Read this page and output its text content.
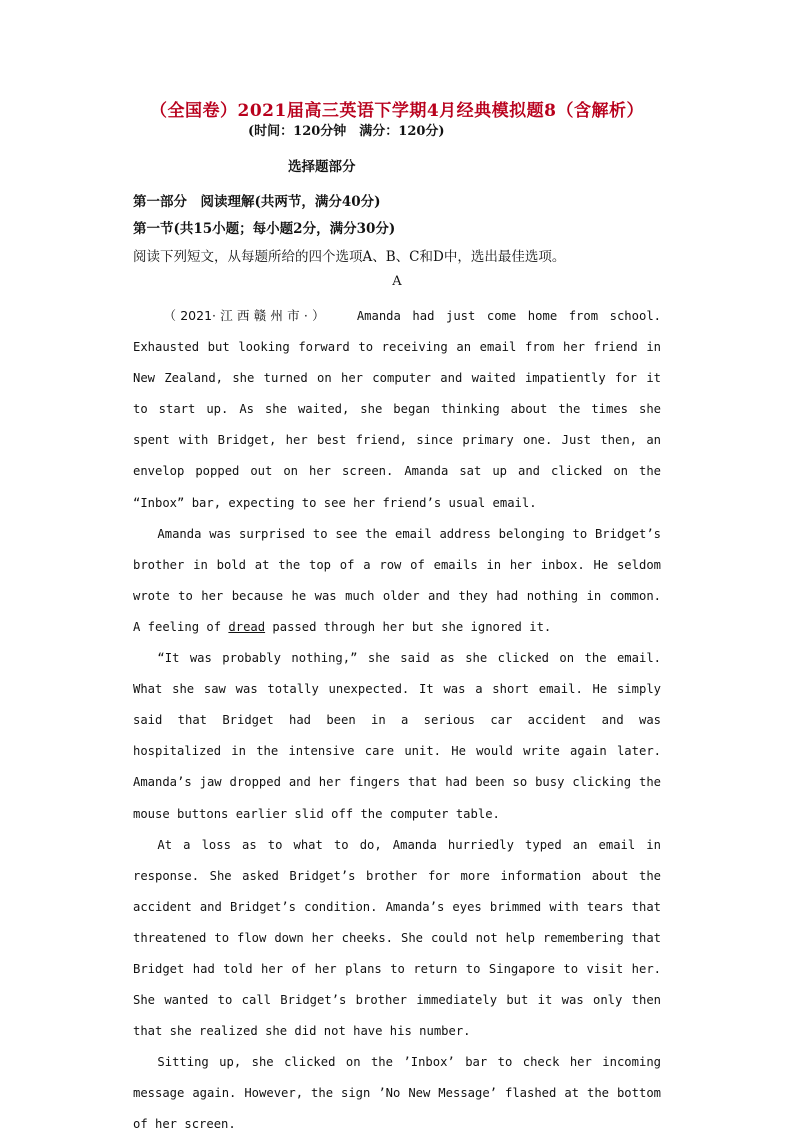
（全国卷）2021届高三英语下学期4月经典模拟题8（含解析）
(时间：120分钟　满分：120分)
选择题部分
第一部分　阅读理解(共两节，满分40分)
第一节(共15小题；每小题2分，满分30分)
阅读下列短文，从每题所给的四个选项A、B、C和D中，选出最佳选项。
A

（2021·江西赣州市·） Amanda had just come home from school. Exhausted but looking forward to receiving an email from her friend in New Zealand, she turned on her computer and waited impatiently for it to start up. As she waited, she began thinking about the times she spent with Bridget, her best friend, since primary one. Just then, an envelop popped out on her screen. Amanda sat up and clicked on the “Inbox” bar, expecting to see her friend’s usual email.

Amanda was surprised to see the email address belonging to Bridget’s brother in bold at the top of a row of emails in her inbox. He seldom wrote to her because he was much older and they had nothing in common. A feeling of dread passed through her but she ignored it.

“It was probably nothing,” she said as she clicked on the email. What she saw was totally unexpected. It was a short email. He simply said that Bridget had been in a serious car accident and was hospitalized in the intensive care unit. He would write again later. Amanda’s jaw dropped and her fingers that had been so busy clicking the mouse buttons earlier slid off the computer table.

At a loss as to what to do, Amanda hurriedly typed an email in response. She asked Bridget’s brother for more information about the accident and Bridget’s condition. Amanda’s eyes brimmed with tears that threatened to flow down her cheeks. She could not help remembering that Bridget had told her of her plans to return to Singapore to visit her. She wanted to call Bridget’s brother immediately but it was only then that she realized she did not have his number.

Sitting up, she clicked on the ’Inbox’ bar to check her incoming message again. However, the sign ’No New Message’ flashed at the bottom of her screen.
